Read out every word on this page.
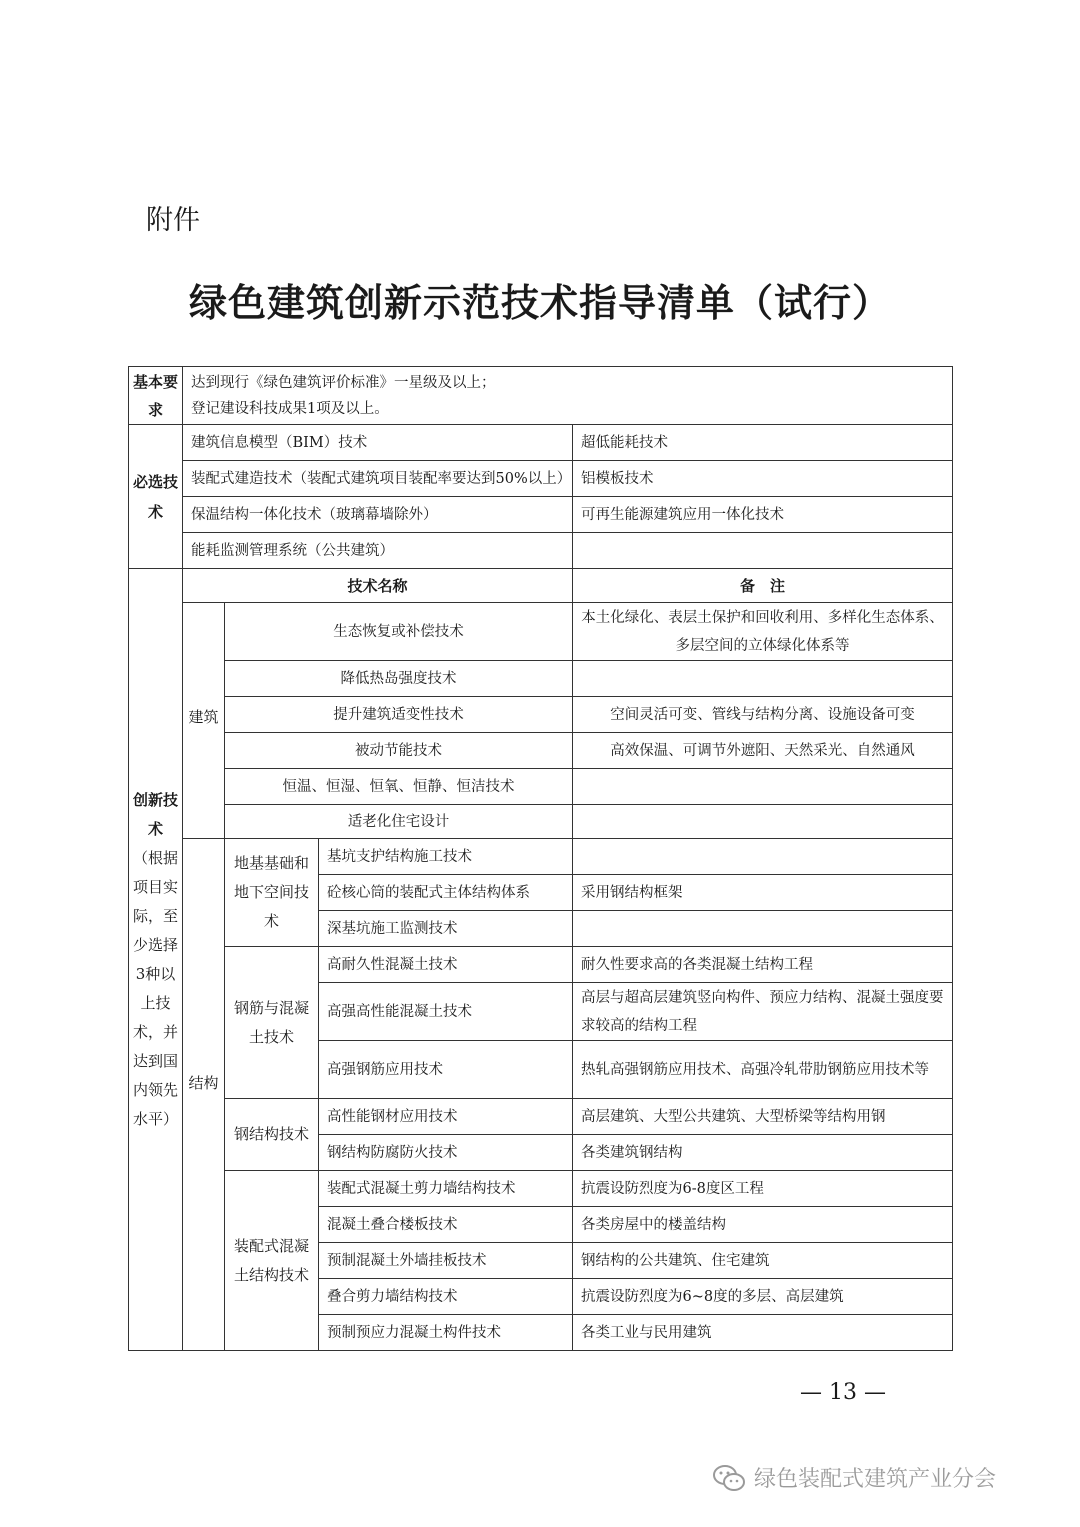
附件
绿色建筑创新示范技术指导清单（试行）
基本要求	达到现行《绿色建筑评价标准》一星级及以上；
登记建设科技成果1项及以上。			

必选技术	建筑信息模型（BIM）技术			超低能耗技术
	装配式建造技术（装配式建筑项目装配率要达到50%以上）			铝模板技术
	保温结构一体化技术（玻璃幕墙除外）			可再生能源建筑应用一体化技术
	能耗监测管理系统（公共建筑）			

创新技术
（根据项目实际，至少选择3种以上技术，并达到国内领先水平）	技术名称			备　注
	建筑	生态恢复或补偿技术		本土化绿化、表层土保护和回收利用、多样化生态体系、多层空间的立体绿化体系等
		降低热岛强度技术		
		提升建筑适变性技术		空间灵活可变、管线与结构分离、设施设备可变
		被动节能技术		高效保温、可调节外遮阳、天然采光、自然通风
		恒温、恒湿、恒氧、恒静、恒洁技术		
		适老化住宅设计		
	结构	地基基础和地下空间技术	基坑支护结构施工技术	
			砼核心筒的装配式主体结构体系	采用钢结构框架
			深基坑施工监测技术	
		钢筋与混凝土技术	高耐久性混凝土技术	耐久性要求高的各类混凝土结构工程
			高强高性能混凝土技术	高层与超高层建筑竖向构件、预应力结构、混凝土强度要求较高的结构工程
			高强钢筋应用技术	热轧高强钢筋应用技术、高强冷轧带肋钢筋应用技术等
		钢结构技术	高性能钢材应用技术	高层建筑、大型公共建筑、大型桥梁等结构用钢
			钢结构防腐防火技术	各类建筑钢结构
		装配式混凝土结构技术	装配式混凝土剪力墙结构技术	抗震设防烈度为6-8度区工程
			混凝土叠合楼板技术	各类房屋中的楼盖结构
			预制混凝土外墙挂板技术	钢结构的公共建筑、住宅建筑
			叠合剪力墙结构技术	抗震设防烈度为6~8度的多层、高层建筑
			预制预应力混凝土构件技术	各类工业与民用建筑
— 13 —
绿色装配式建筑产业分会
